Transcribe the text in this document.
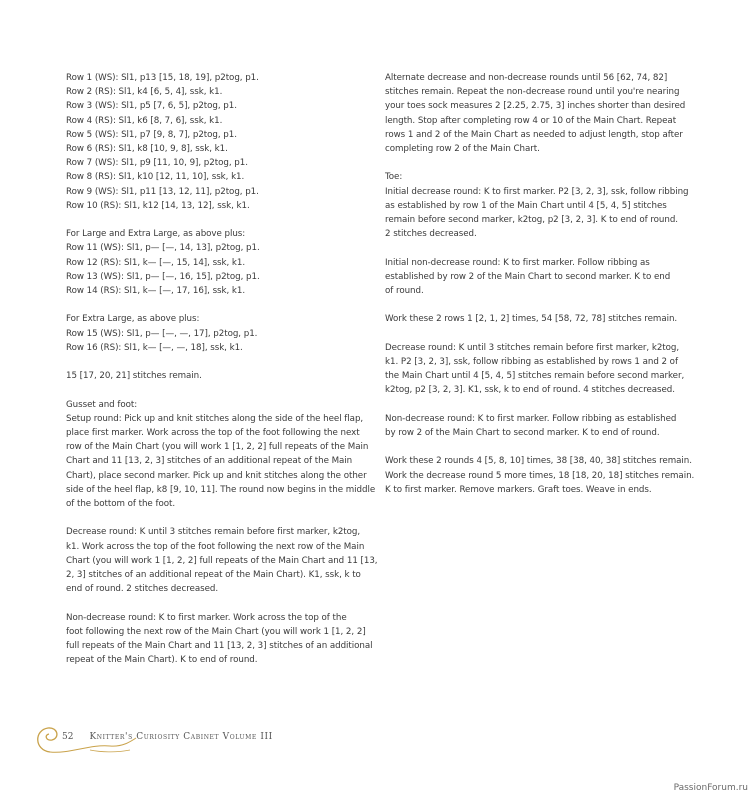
Row 1 (WS): Sl1, p13 [15, 18, 19], p2tog, p1.
Row 2 (RS): Sl1, k4 [6, 5, 4], ssk, k1.
Row 3 (WS): Sl1, p5 [7, 6, 5], p2tog, p1.
Row 4 (RS): Sl1, k6 [8, 7, 6], ssk, k1.
Row 5 (WS): Sl1, p7 [9, 8, 7], p2tog, p1.
Row 6 (RS): Sl1, k8 [10, 9, 8], ssk, k1.
Row 7 (WS): Sl1, p9 [11, 10, 9], p2tog, p1.
Row 8 (RS): Sl1, k10 [12, 11, 10], ssk, k1.
Row 9 (WS): Sl1, p11 [13, 12, 11], p2tog, p1.
Row 10 (RS): Sl1, k12 [14, 13, 12], ssk, k1.
For Large and Extra Large, as above plus:
Row 11 (WS): Sl1, p— [—, 14, 13], p2tog, p1.
Row 12 (RS): Sl1, k— [—, 15, 14], ssk, k1.
Row 13 (WS): Sl1, p— [—, 16, 15], p2tog, p1.
Row 14 (RS): Sl1, k— [—, 17, 16], ssk, k1.
For Extra Large, as above plus:
Row 15 (WS): Sl1, p— [—, —, 17], p2tog, p1.
Row 16 (RS): Sl1, k— [—, —, 18], ssk, k1.
15 [17, 20, 21] stitches remain.
Gusset and foot:
Setup round: Pick up and knit stitches along the side of the heel flap,
place first marker. Work across the top of the foot following the next
row of the Main Chart (you will work 1 [1, 2, 2] full repeats of the Main
Chart and 11 [13, 2, 3] stitches of an additional repeat of the Main
Chart), place second marker. Pick up and knit stitches along the other
side of the heel flap, k8 [9, 10, 11]. The round now begins in the middle
of the bottom of the foot.
Decrease round: K until 3 stitches remain before first marker, k2tog,
k1. Work across the top of the foot following the next row of the Main
Chart (you will work 1 [1, 2, 2] full repeats of the Main Chart and 11 [13,
2, 3] stitches of an additional repeat of the Main Chart). K1, ssk, k to
end of round. 2 stitches decreased.
Non-decrease round: K to first marker. Work across the top of the
foot following the next row of the Main Chart (you will work 1 [1, 2, 2]
full repeats of the Main Chart and 11 [13, 2, 3] stitches of an additional
repeat of the Main Chart). K to end of round.
Alternate decrease and non-decrease rounds until 56 [62, 74, 82]
stitches remain. Repeat the non-decrease round until you're nearing
your toes sock measures 2 [2.25, 2.75, 3] inches shorter than desired
length. Stop after completing row 4 or 10 of the Main Chart. Repeat
rows 1 and 2 of the Main Chart as needed to adjust length, stop after
completing row 2 of the Main Chart.
Toe:
Initial decrease round: K to first marker. P2 [3, 2, 3], ssk, follow ribbing
as established by row 1 of the Main Chart until 4 [5, 4, 5] stitches
remain before second marker, k2tog, p2 [3, 2, 3]. K to end of round.
2 stitches decreased.
Initial non-decrease round: K to first marker. Follow ribbing as
established by row 2 of the Main Chart to second marker. K to end
of round.
Work these 2 rows 1 [2, 1, 2] times, 54 [58, 72, 78] stitches remain.
Decrease round: K until 3 stitches remain before first marker, k2tog,
k1. P2 [3, 2, 3], ssk, follow ribbing as established by rows 1 and 2 of
the Main Chart until 4 [5, 4, 5] stitches remain before second marker,
k2tog, p2 [3, 2, 3]. K1, ssk, k to end of round. 4 stitches decreased.
Non-decrease round: K to first marker. Follow ribbing as established
by row 2 of the Main Chart to second marker. K to end of round.
Work these 2 rounds 4 [5, 8, 10] times, 38 [38, 40, 38] stitches remain.
Work the decrease round 5 more times, 18 [18, 20, 18] stitches remain.
K to first marker. Remove markers. Graft toes. Weave in ends.
52 Knitter's Curiosity Cabinet Volume III
PassionForum.ru
